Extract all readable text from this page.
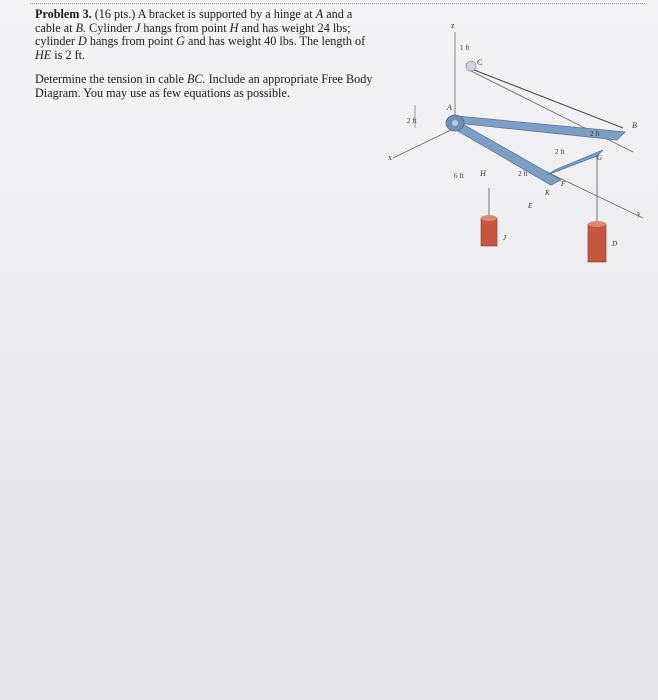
Problem 3. (16 pts.) A bracket is supported by a hinge at A and a cable at B. Cylinder J hangs from point H and has weight 24 lbs; cylinder D hangs from point G and has weight 40 lbs. The length of HE is 2 ft.

Determine the tension in cable BC. Include an appropriate Free Body Diagram. You may use as few equations as possible.

z
1 ft
C
A
2 ft
x
6 ft H	2 ft
E
K
F
2 ft
G
2 ft
B
J
D
y
